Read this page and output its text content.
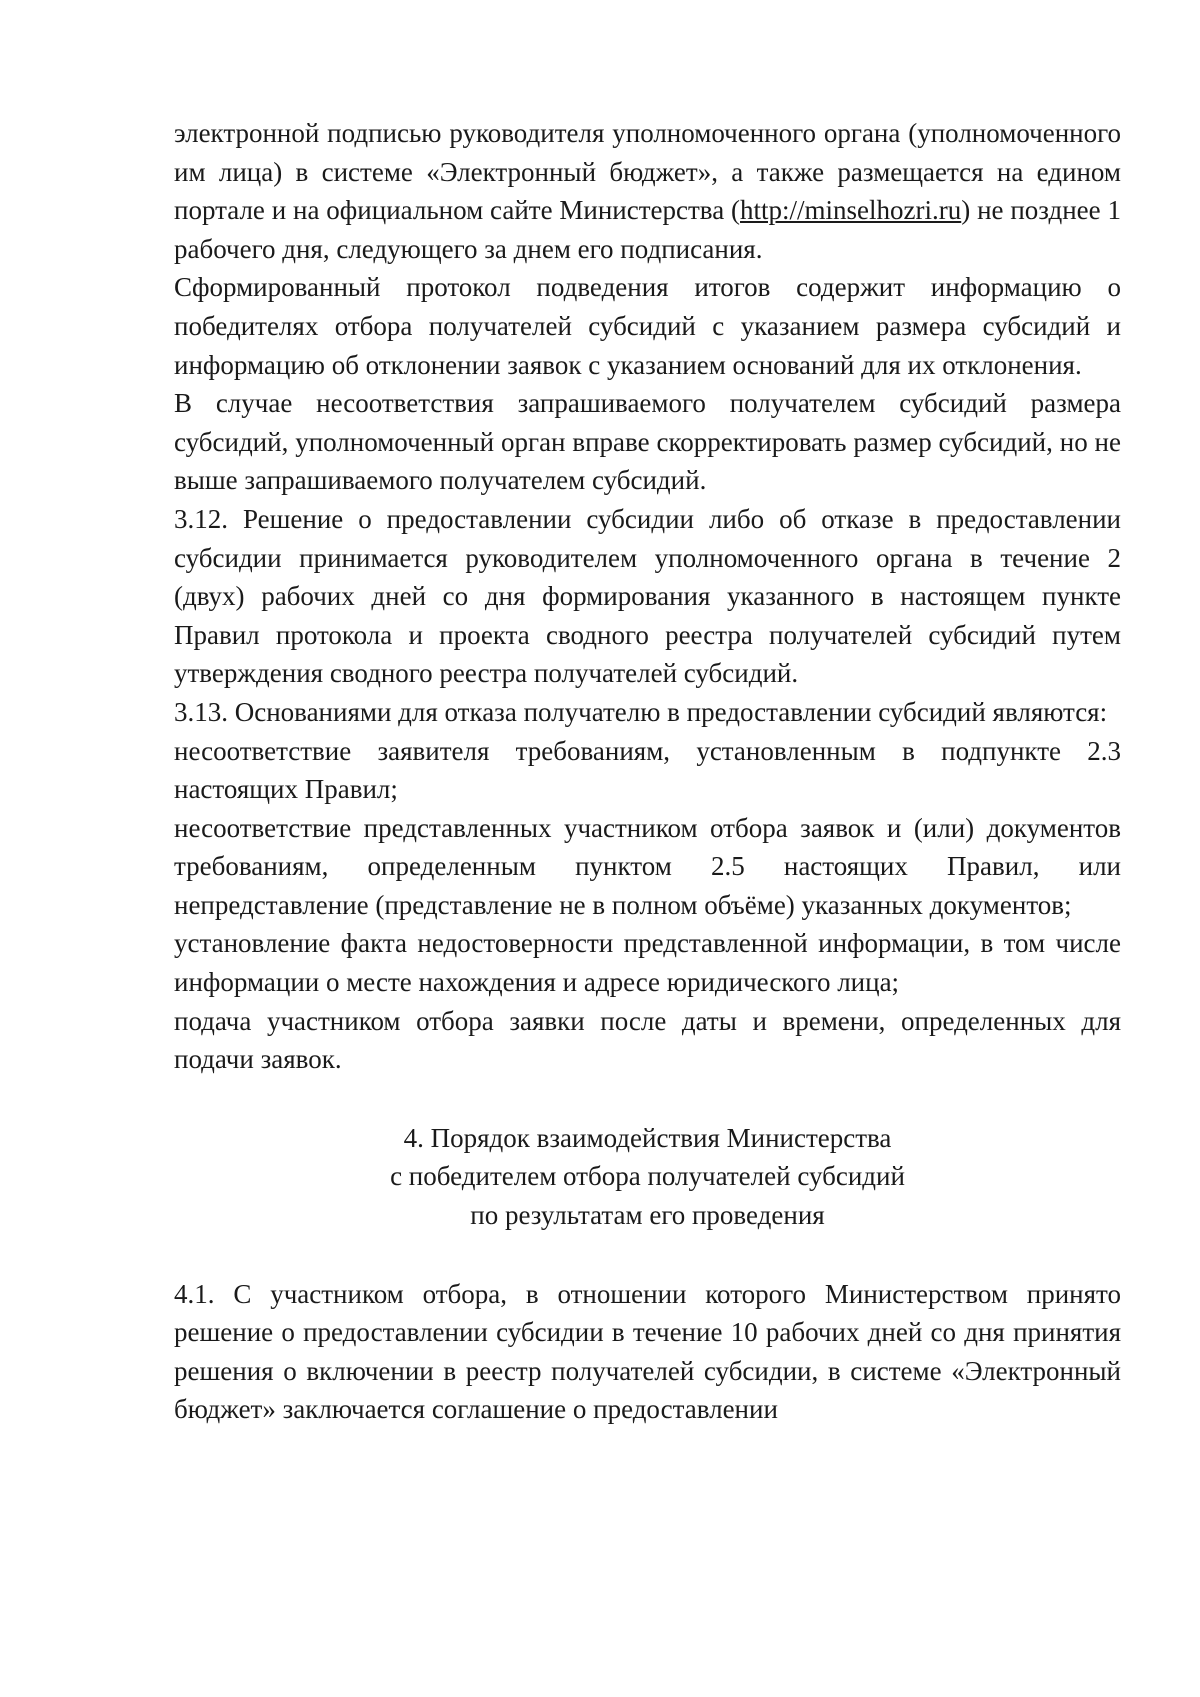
электронной подписью руководителя уполномоченного органа (уполномоченного им лица) в системе «Электронный бюджет», а также размещается на едином портале и на официальном сайте Министерства (http://minselhozri.ru) не позднее 1 рабочего дня, следующего за днем его подписания.

Сформированный протокол подведения итогов содержит информацию о победителях отбора получателей субсидий с указанием размера субсидий и информацию об отклонении заявок с указанием оснований для их отклонения.

В случае несоответствия запрашиваемого получателем субсидий размера субсидий, уполномоченный орган вправе скорректировать размер субсидий, но не выше запрашиваемого получателем субсидий.

3.12. Решение о предоставлении субсидии либо об отказе в предоставлении субсидии принимается руководителем уполномоченного органа в течение 2 (двух) рабочих дней со дня формирования указанного в настоящем пункте Правил протокола и проекта сводного реестра получателей субсидий путем утверждения сводного реестра получателей субсидий.

3.13. Основаниями для отказа получателю в предоставлении субсидий являются:

несоответствие заявителя требованиям, установленным в подпункте 2.3 настоящих Правил;

несоответствие представленных участником отбора заявок и (или) документов требованиям, определенным пунктом 2.5 настоящих Правил, или непредставление (представление не в полном объёме) указанных документов;

установление факта недостоверности представленной информации, в том числе информации о месте нахождения и адресе юридического лица;

подача участником отбора заявки после даты и времени, определенных для подачи заявок.

4. Порядок взаимодействия Министерства

с победителем отбора получателей субсидий

по результатам его проведения

4.1. С участником отбора, в отношении которого Министерством принято решение о предоставлении субсидии в течение 10 рабочих дней со дня принятия решения о включении в реестр получателей субсидии, в системе «Электронный бюджет» заключается соглашение о предоставлении
